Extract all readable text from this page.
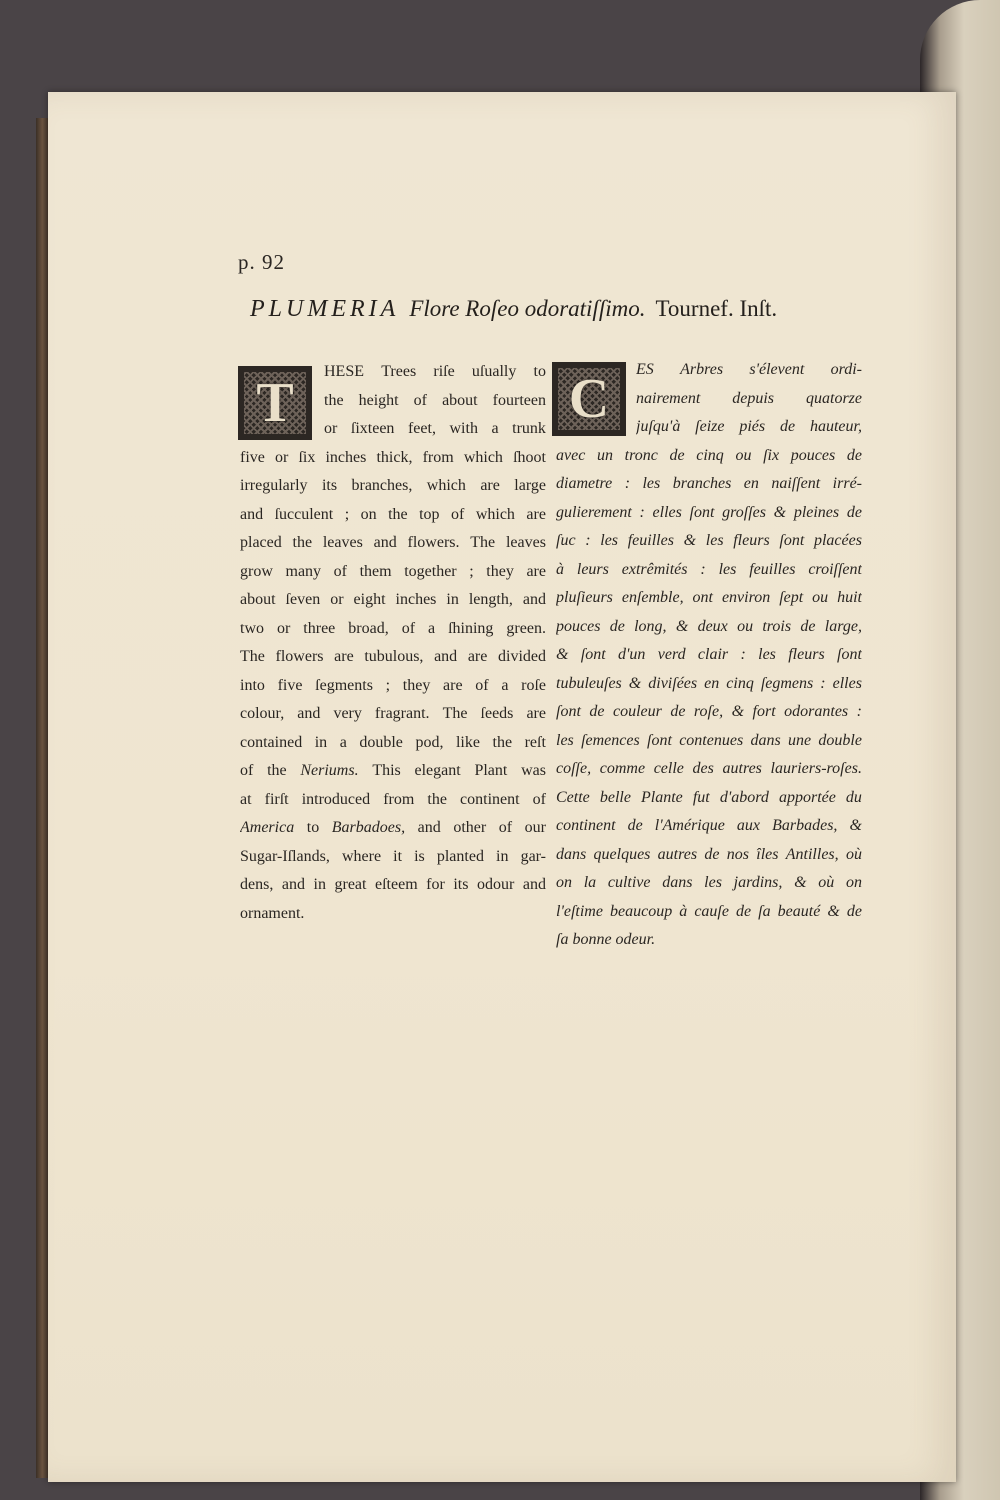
p. 92
PLUMERIA Flore Roſeo odoratiſſimo. Tournef. Inſt.
T	C
HESE Trees riſe uſually to
the height of about fourteen
or ſixteen feet, with a trunk
five or ſix inches thick, from which ſhoot
irregularly its branches, which are large
and ſucculent ; on the top of which are
placed the leaves and flowers. The leaves
grow many of them together ; they are
about ſeven or eight inches in length, and
two or three broad, of a ſhining green.
The flowers are tubulous, and are divided
into five ſegments ; they are of a roſe
colour, and very fragrant. The ſeeds are
contained in a double pod, like the reſt
of the Neriums. This elegant Plant was
at firſt introduced from the continent of
America to Barbadoes, and other of our
Sugar-Iſlands, where it is planted in gar-
dens, and in great eſteem for its odour and
ornament.
ES Arbres s'élevent ordi-
nairement depuis quatorze
juſqu'à ſeize piés de hauteur,
avec un tronc de cinq ou ſix pouces de
diametre : les branches en naiſſent irré-
gulierement : elles ſont groſſes & pleines de
ſuc : les feuilles & les fleurs ſont placées
à leurs extrêmités : les feuilles croiſſent
pluſieurs enſemble, ont environ ſept ou huit
pouces de long, & deux ou trois de large,
& ſont d'un verd clair : les fleurs ſont
tubuleuſes & diviſées en cinq ſegmens : elles
ſont de couleur de roſe, & fort odorantes :
les ſemences ſont contenues dans une double
coſſe, comme celle des autres lauriers-roſes.
Cette belle Plante fut d'abord apportée du
continent de l'Amérique aux Barbades, &
dans quelques autres de nos îles Antilles, où
on la cultive dans les jardins, & où on
l'eſtime beaucoup à cauſe de ſa beauté & de
ſa bonne odeur.
